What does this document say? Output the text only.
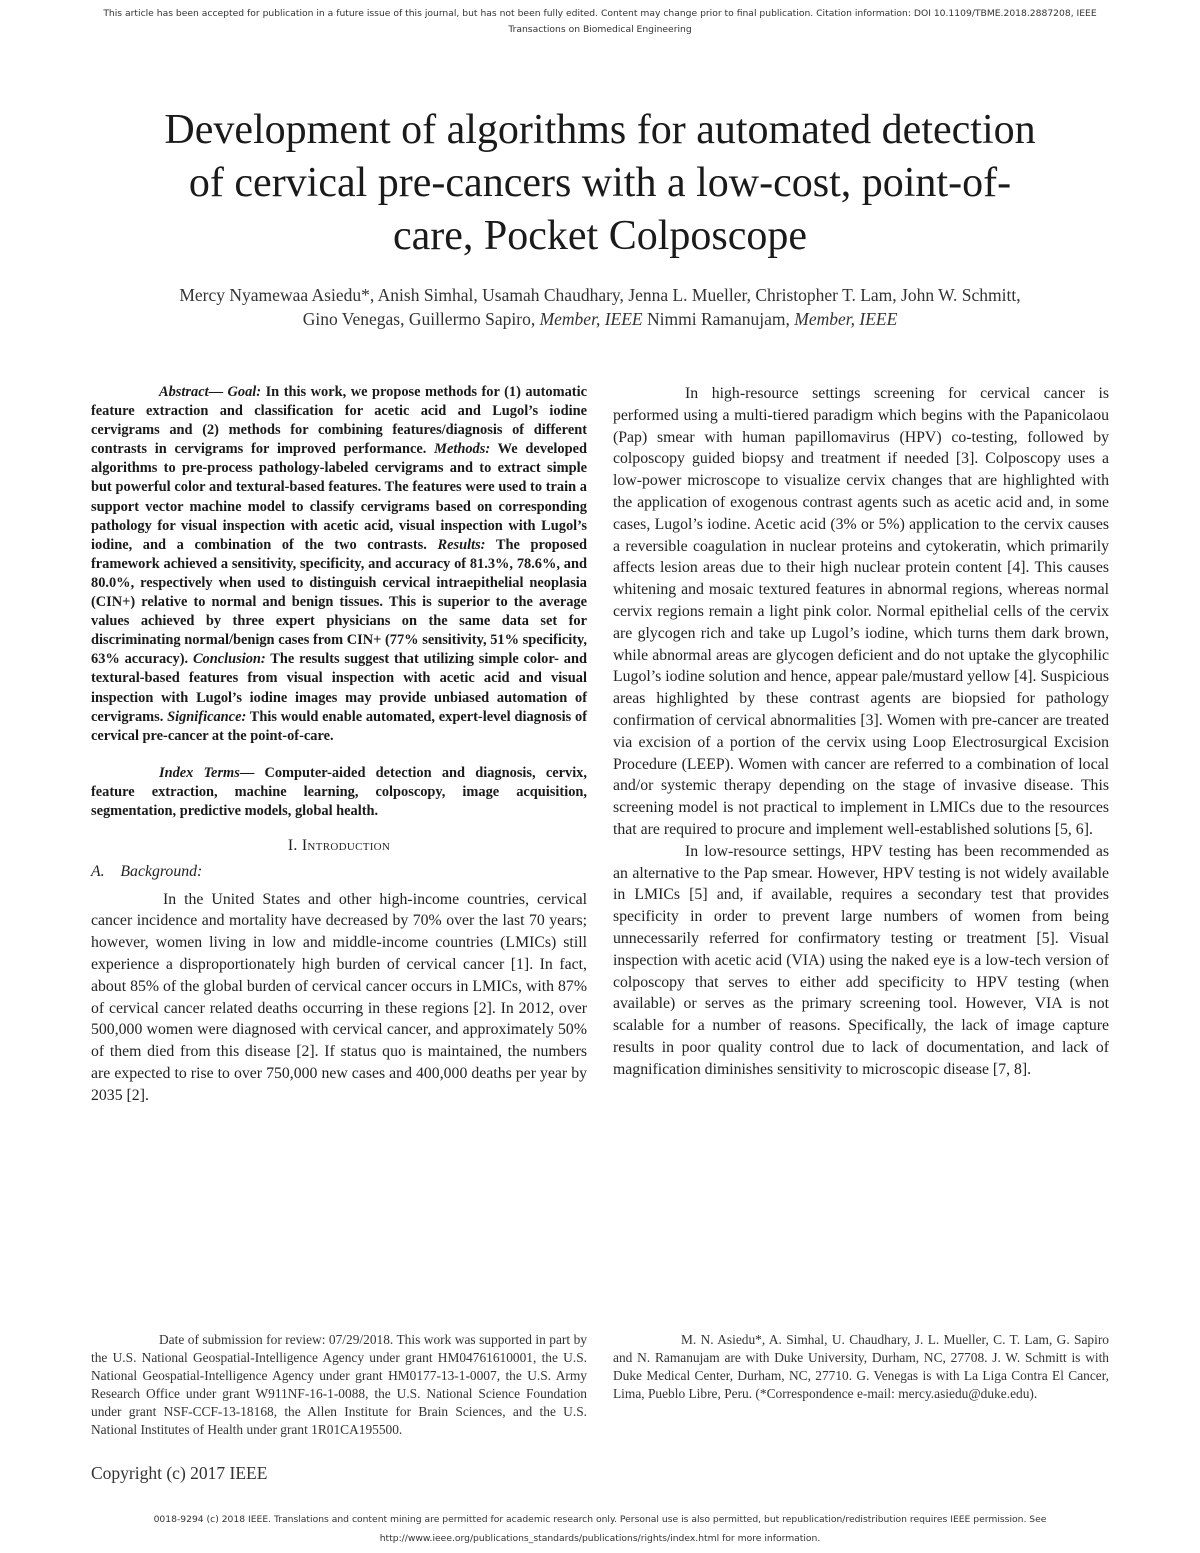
This article has been accepted for publication in a future issue of this journal, but has not been fully edited. Content may change prior to final publication. Citation information: DOI 10.1109/TBME.2018.2887208, IEEE
Transactions on Biomedical Engineering
Development of algorithms for automated detection of cervical pre-cancers with a low-cost, point-of-care, Pocket Colposcope
Mercy Nyamewaa Asiedu*, Anish Simhal, Usamah Chaudhary, Jenna L. Mueller, Christopher T. Lam, John W. Schmitt, Gino Venegas, Guillermo Sapiro, Member, IEEE Nimmi Ramanujam, Member, IEEE

Abstract— Goal: In this work, we propose methods for (1) automatic feature extraction and classification for acetic acid and Lugol’s iodine cervigrams and (2) methods for combining features/diagnosis of different contrasts in cervigrams for improved performance. Methods: We developed algorithms to pre-process pathology-labeled cervigrams and to extract simple but powerful color and textural-based features. The features were used to train a support vector machine model to classify cervigrams based on corresponding pathology for visual inspection with acetic acid, visual inspection with Lugol’s iodine, and a combination of the two contrasts. Results: The proposed framework achieved a sensitivity, specificity, and accuracy of 81.3%, 78.6%, and 80.0%, respectively when used to distinguish cervical intraepithelial neoplasia (CIN+) relative to normal and benign tissues. This is superior to the average values achieved by three expert physicians on the same data set for discriminating normal/benign cases from CIN+ (77% sensitivity, 51% specificity, 63% accuracy). Conclusion: The results suggest that utilizing simple color- and textural-based features from visual inspection with acetic acid and visual inspection with Lugol’s iodine images may provide unbiased automation of cervigrams. Significance: This would enable automated, expert-level diagnosis of cervical pre-cancer at the point-of-care.

Index Terms— Computer-aided detection and diagnosis, cervix, feature extraction, machine learning, colposcopy, image acquisition, segmentation, predictive models, global health.

I. Introduction

A. Background:

In the United States and other high-income countries, cervical cancer incidence and mortality have decreased by 70% over the last 70 years; however, women living in low and middle-income countries (LMICs) still experience a disproportionately high burden of cervical cancer [1]. In fact, about 85% of the global burden of cervical cancer occurs in LMICs, with 87% of cervical cancer related deaths occurring in these regions [2]. In 2012, over 500,000 women were diagnosed with cervical cancer, and approximately 50% of them died from this disease [2]. If status quo is maintained, the numbers are expected to rise to over 750,000 new cases and 400,000 deaths per year by 2035 [2].

In high-resource settings screening for cervical cancer is performed using a multi-tiered paradigm which begins with the Papanicolaou (Pap) smear with human papillomavirus (HPV) co-testing, followed by colposcopy guided biopsy and treatment if needed [3]. Colposcopy uses a low-power microscope to visualize cervix changes that are highlighted with the application of exogenous contrast agents such as acetic acid and, in some cases, Lugol’s iodine. Acetic acid (3% or 5%) application to the cervix causes a reversible coagulation in nuclear proteins and cytokeratin, which primarily affects lesion areas due to their high nuclear protein content [4]. This causes whitening and mosaic textured features in abnormal regions, whereas normal cervix regions remain a light pink color. Normal epithelial cells of the cervix are glycogen rich and take up Lugol’s iodine, which turns them dark brown, while abnormal areas are glycogen deficient and do not uptake the glycophilic Lugol’s iodine solution and hence, appear pale/mustard yellow [4]. Suspicious areas highlighted by these contrast agents are biopsied for pathology confirmation of cervical abnormalities [3]. Women with pre-cancer are treated via excision of a portion of the cervix using Loop Electrosurgical Excision Procedure (LEEP). Women with cancer are referred to a combination of local and/or systemic therapy depending on the stage of invasive disease. This screening model is not practical to implement in LMICs due to the resources that are required to procure and implement well-established solutions [5, 6].

In low-resource settings, HPV testing has been recommended as an alternative to the Pap smear. However, HPV testing is not widely available in LMICs [5] and, if available, requires a secondary test that provides specificity in order to prevent large numbers of women from being unnecessarily referred for confirmatory testing or treatment [5]. Visual inspection with acetic acid (VIA) using the naked eye is a low-tech version of colposcopy that serves to either add specificity to HPV testing (when available) or serves as the primary screening tool. However, VIA is not scalable for a number of reasons. Specifically, the lack of image capture results in poor quality control due to lack of documentation, and lack of magnification diminishes sensitivity to microscopic disease [7, 8].

Date of submission for review: 07/29/2018. This work was supported in part by the U.S. National Geospatial-Intelligence Agency under grant HM04761610001, the U.S. National Geospatial-Intelligence Agency under grant HM0177-13-1-0007, the U.S. Army Research Office under grant W911NF-16-1-0088, the U.S. National Science Foundation under grant NSF-CCF-13-18168, the Allen Institute for Brain Sciences, and the U.S. National Institutes of Health under grant 1R01CA195500.

M. N. Asiedu*, A. Simhal, U. Chaudhary, J. L. Mueller, C. T. Lam, G. Sapiro and N. Ramanujam are with Duke University, Durham, NC, 27708. J. W. Schmitt is with Duke Medical Center, Durham, NC, 27710. G. Venegas is with La Liga Contra El Cancer, Lima, Pueblo Libre, Peru. (*Correspondence e-mail: mercy.asiedu@duke.edu).

Copyright (c) 2017 IEEE
0018-9294 (c) 2018 IEEE. Translations and content mining are permitted for academic research only. Personal use is also permitted, but republication/redistribution requires IEEE permission. See
http://www.ieee.org/publications_standards/publications/rights/index.html for more information.
